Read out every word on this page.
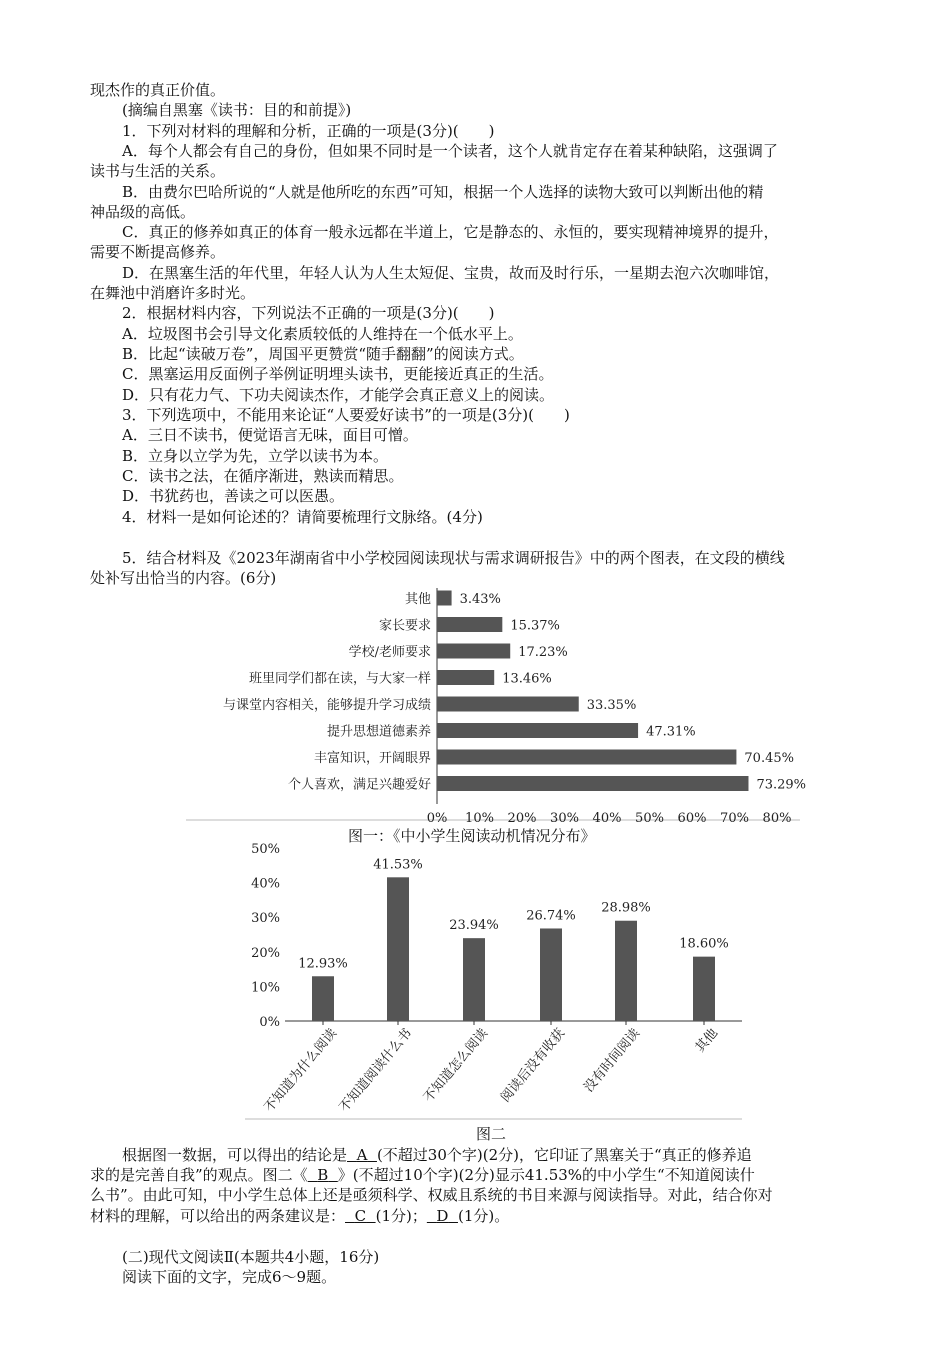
现杰作的真正价值。
(摘编自黑塞《读书：目的和前提》)
1．下列对材料的理解和分析，正确的一项是(3分)(　　)
A．每个人都会有自己的身份，但如果不同时是一个读者，这个人就肯定存在着某种缺陷，这强调了
读书与生活的关系。
B．由费尔巴哈所说的“人就是他所吃的东西”可知，根据一个人选择的读物大致可以判断出他的精
神品级的高低。
C．真正的修养如真正的体育一般永远都在半道上，它是静态的、永恒的，要实现精神境界的提升，
需要不断提高修养。
D．在黑塞生活的年代里，年轻人认为人生太短促、宝贵，故而及时行乐，一星期去泡六次咖啡馆，
在舞池中消磨许多时光。
2．根据材料内容，下列说法不正确的一项是(3分)(　　)
A．垃圾图书会引导文化素质较低的人维持在一个低水平上。
B．比起“读破万卷”，周国平更赞赏“随手翻翻”的阅读方式。
C．黑塞运用反面例子举例证明埋头读书，更能接近真正的生活。
D．只有花力气、下功夫阅读杰作，才能学会真正意义上的阅读。
3．下列选项中，不能用来论证“人要爱好读书”的一项是(3分)(　　)
A．三日不读书，便觉语言无味，面目可憎。
B．立身以立学为先，立学以读书为本。
C．读书之法，在循序渐进，熟读而精思。
D．书犹药也，善读之可以医愚。
4．材料一是如何论述的？请简要梳理行文脉络。(4分)
5．结合材料及《2023年湖南省中小学校园阅读现状与需求调研报告》中的两个图表，在文段的横线
处补写出恰当的内容。(6分)
其他 3.43%
家长要求	15.37%
学校/老师要求	17.23%
班里同学们都在读，与大家一样	13.46%
与课堂内容相关，能够提升学习成绩	33.35%
提升思想道德素养	47.31%
丰富知识，开阔眼界	70.45%
个人喜欢，满足兴趣爱好	73.29%
0% 10% 20% 30% 40% 50% 60% 70% 80%
0%
10%
20%
30%
40%
50%
12.93%
不知道为什么阅读
41.53%
不知道阅读什么书
23.94%
不知道怎么阅读
26.74%
阅读后没有收获
28.98%
没有时间阅读
18.60%
其他
图一：《中小学生阅读动机情况分布》
图二
根据图一数据，可以得出的结论是 A (不超过30个字)(2分)，它印证了黑塞关于“真正的修养追
求的是完善自我”的观点。图二《 B 》(不超过10个字)(2分)显示41.53%的中小学生“不知道阅读什
么书”。由此可知，中小学生总体上还是亟须科学、权威且系统的书目来源与阅读指导。对此，结合你对
材料的理解，可以给出的两条建议是： C (1分)； D (1分)。
(二)现代文阅读Ⅱ(本题共4小题，16分)
阅读下面的文字，完成6～9题。
